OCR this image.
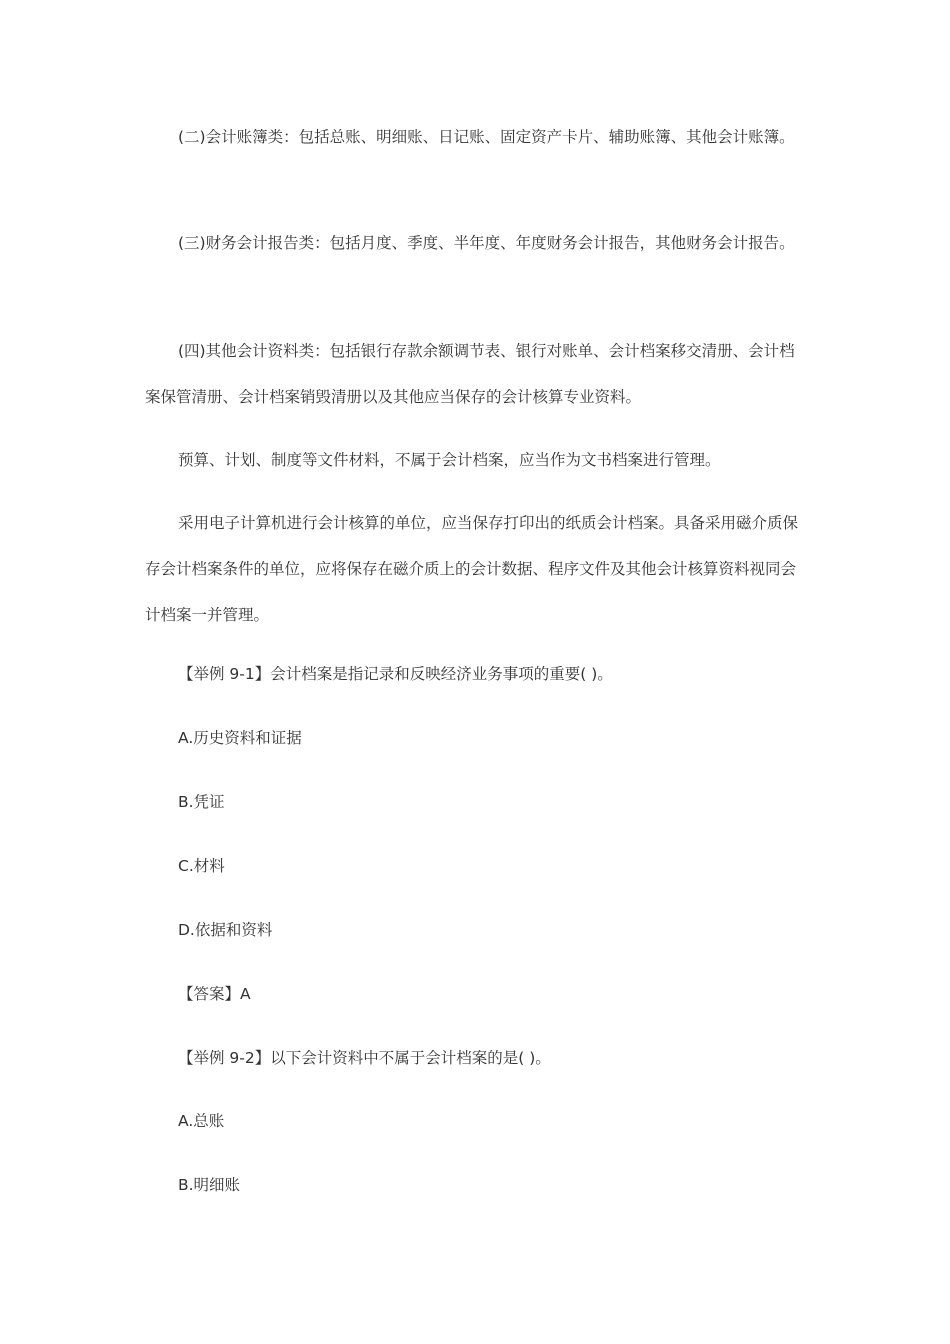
(二)会计账簿类：包括总账、明细账、日记账、固定资产卡片、辅助账簿、其他会计账簿。

(三)财务会计报告类：包括月度、季度、半年度、年度财务会计报告，其他财务会计报告。

(四)其他会计资料类：包括银行存款余额调节表、银行对账单、会计档案移交清册、会计档案保管清册、会计档案销毁清册以及其他应当保存的会计核算专业资料。

预算、计划、制度等文件材料，不属于会计档案，应当作为文书档案进行管理。

采用电子计算机进行会计核算的单位，应当保存打印出的纸质会计档案。具备采用磁介质保存会计档案条件的单位，应将保存在磁介质上的会计数据、程序文件及其他会计核算资料视同会计档案一并管理。

【举例 9-1】会计档案是指记录和反映经济业务事项的重要( )。

A.历史资料和证据

B.凭证

C.材料

D.依据和资料

【答案】A

【举例 9-2】以下会计资料中不属于会计档案的是( )。

A.总账

B.明细账
